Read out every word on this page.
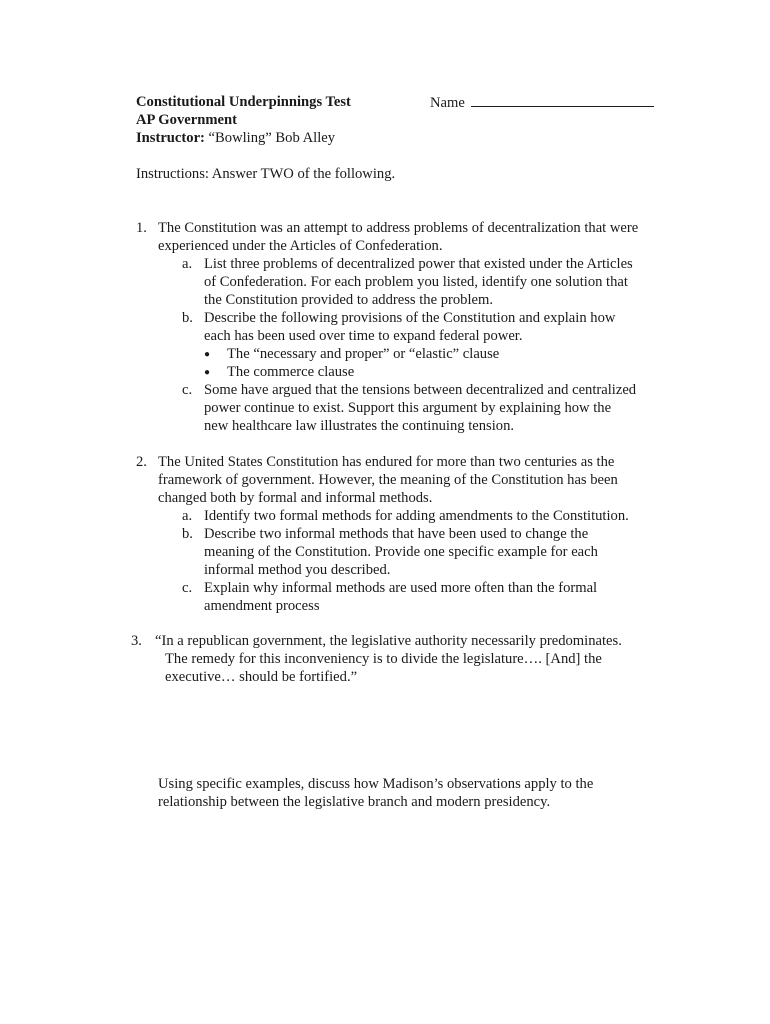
Constitutional Underpinnings Test
AP Government
Instructor: “Bowling” Bob Alley
Name
Instructions: Answer TWO of the following.
1. The Constitution was an attempt to address problems of decentralization that were
experienced under the Articles of Confederation.
a. List three problems of decentralized power that existed under the Articles
of Confederation. For each problem you listed, identify one solution that
the Constitution provided to address the problem.
b. Describe the following provisions of the Constitution and explain how
each has been used over time to expand federal power.
● The “necessary and proper” or “elastic” clause
● The commerce clause
c. Some have argued that the tensions between decentralized and centralized
power continue to exist. Support this argument by explaining how the
new healthcare law illustrates the continuing tension.
2. The United States Constitution has endured for more than two centuries as the
framework of government. However, the meaning of the Constitution has been
changed both by formal and informal methods.
a. Identify two formal methods for adding amendments to the Constitution.
b. Describe two informal methods that have been used to change the
meaning of the Constitution. Provide one specific example for each
informal method you described.
c. Explain why informal methods are used more often than the formal
amendment process
3. “In a republican government, the legislative authority necessarily predominates.
The remedy for this inconveniency is to divide the legislature…. [And] the
executive… should be fortified.”
Using specific examples, discuss how Madison’s observations apply to the
relationship between the legislative branch and modern presidency.
